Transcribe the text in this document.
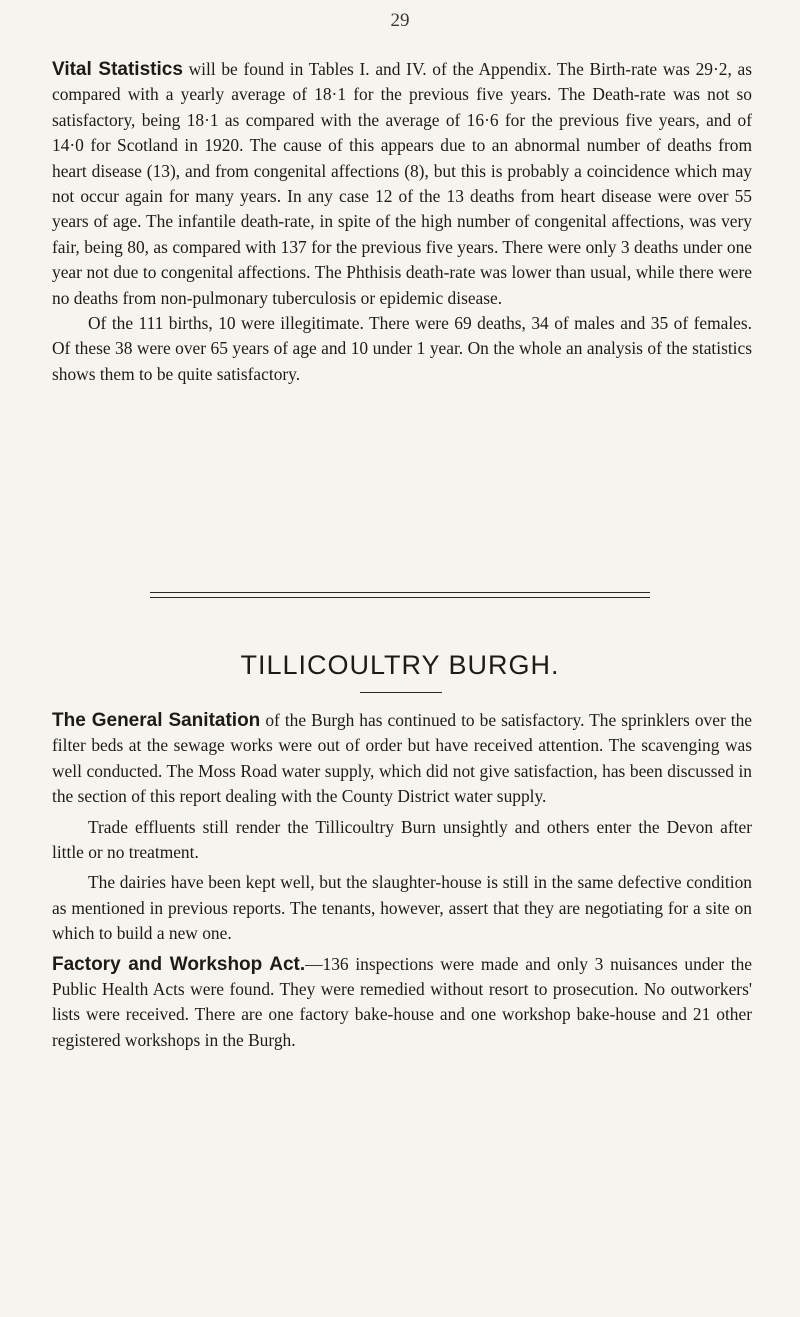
29

Vital Statistics will be found in Tables I. and IV. of the Appendix. The Birth-rate was 29·2, as compared with a yearly average of 18·1 for the previous five years. The Death-rate was not so satisfactory, being 18·1 as compared with the average of 16·6 for the previous five years, and of 14·0 for Scotland in 1920. The cause of this appears due to an abnormal number of deaths from heart disease (13), and from congenital affections (8), but this is probably a coincidence which may not occur again for many years. In any case 12 of the 13 deaths from heart disease were over 55 years of age. The infantile death-rate, in spite of the high number of congenital affections, was very fair, being 80, as compared with 137 for the previous five years. There were only 3 deaths under one year not due to congenital affections. The Phthisis death-rate was lower than usual, while there were no deaths from non-pulmonary tuberculosis or epidemic disease.

Of the 111 births, 10 were illegitimate. There were 69 deaths, 34 of males and 35 of females. Of these 38 were over 65 years of age and 10 under 1 year. On the whole an analysis of the statistics shows them to be quite satisfactory.

TILLICOULTRY BURGH.

The General Sanitation of the Burgh has continued to be satisfactory. The sprinklers over the filter beds at the sewage works were out of order but have received attention. The scavenging was well conducted. The Moss Road water supply, which did not give satisfaction, has been discussed in the section of this report dealing with the County District water supply.

Trade effluents still render the Tillicoultry Burn unsightly and others enter the Devon after little or no treatment.

The dairies have been kept well, but the slaughter-house is still in the same defective condition as mentioned in previous reports. The tenants, however, assert that they are negotiating for a site on which to build a new one.

Factory and Workshop Act.—136 inspections were made and only 3 nuisances under the Public Health Acts were found. They were remedied without resort to prosecution. No outworkers' lists were received. There are one factory bake-house and one workshop bake-house and 21 other registered workshops in the Burgh.
